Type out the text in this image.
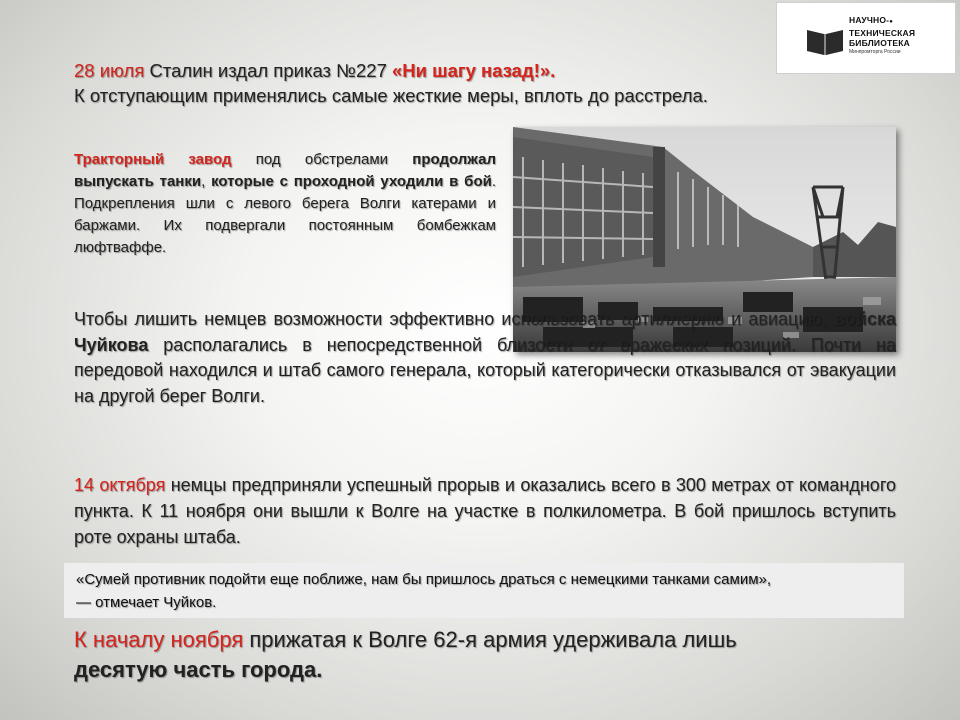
НАУЧНО-●
ТЕХНИЧЕСКАЯ
БИБЛИОТЕКА
Минпромторга России
28 июля Сталин издал приказ №227 «Ни шагу назад!».
К отступающим применялись самые жесткие меры, вплоть до расстрела.
Тракторный завод под обстрелами продолжал выпускать танки, которые с проходной уходили в бой. Подкрепления шли с левого берега Волги катерами и баржами. Их подвергали постоянным бомбежкам люфтваффе.
Чтобы лишить немцев возможности эффективно использовать артиллерию и авиацию, войска Чуйкова располагались в непосредственной близости от вражеских позиций. Почти на передовой находился и штаб самого генерала, который категорически отказывался от эвакуации на другой берег Волги.
14 октября немцы предприняли успешный прорыв и оказались всего в 300 метрах от командного пункта. К 11 ноября они вышли к Волге на участке в полкилометра. В бой пришлось вступить роте охраны штаба.
«Сумей противник подойти еще поближе, нам бы пришлось драться с немецкими танками самим»,
— отмечает Чуйков.
К началу ноября прижатая к Волге 62-я армия удерживала лишь
десятую часть города.
